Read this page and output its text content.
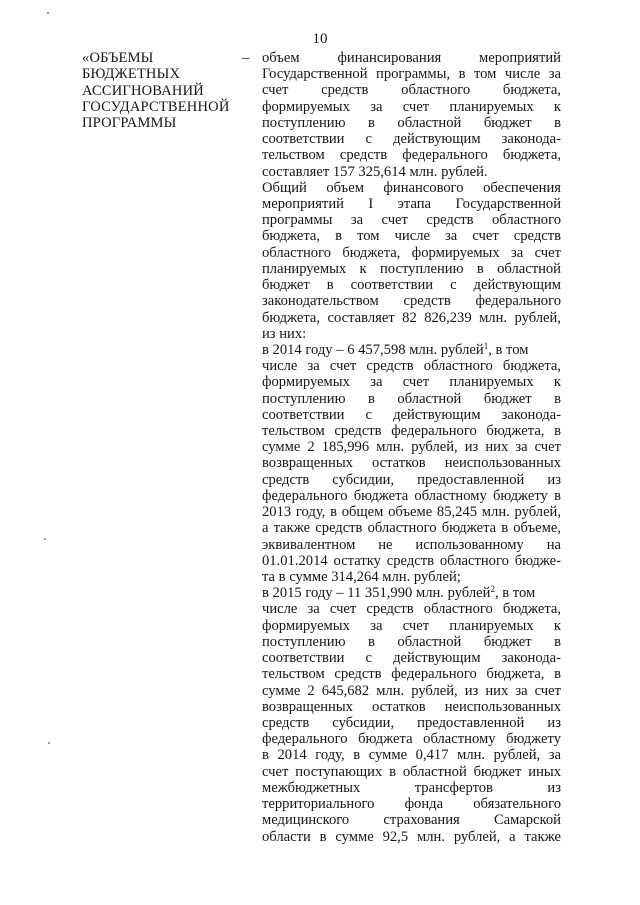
10
«ОБЪЕМЫ
БЮДЖЕТНЫХ
АССИГНОВАНИЙ
ГОСУДАРСТВЕННОЙ
ПРОГРАММЫ
– объем финансирования мероприятий
Государственной программы, в том числе за
счет средств областного бюджета,
формируемых за счет планируемых к
поступлению в областной бюджет в
соответствии с действующим законода-
тельством средств федерального бюджета,
составляет 157 325,614 млн. рублей.
Общий объем финансового обеспечения
мероприятий I этапа Государственной
программы за счет средств областного
бюджета, в том числе за счет средств
областного бюджета, формируемых за счет
планируемых к поступлению в областной
бюджет в соответствии с действующим
законодательством средств федерального
бюджета, составляет 82 826,239 млн. рублей,
из них:
в 2014 году – 6 457,598 млн. рублей$^1$, в том
числе за счет средств областного бюджета,
формируемых за счет планируемых к
поступлению в областной бюджет в
соответствии с действующим законода-
тельством средств федерального бюджета, в
сумме 2 185,996 млн. рублей, из них за счет
возвращенных остатков неиспользованных
средств субсидии, предоставленной из
федерального бюджета областному бюджету в
2013 году, в общем объеме 85,245 млн. рублей,
а также средств областного бюджета в объеме,
эквивалентном не использованному на
01.01.2014 остатку средств областного бюдже-
та в сумме 314,264 млн. рублей;
в 2015 году – 11 351,990 млн. рублей$^2$, в том
числе за счет средств областного бюджета,
формируемых за счет планируемых к
поступлению в областной бюджет в
соответствии с действующим законода-
тельством средств федерального бюджета, в
сумме 2 645,682 млн. рублей, из них за счет
возвращенных остатков неиспользованных
средств субсидии, предоставленной из
федерального бюджета областному бюджету
в 2014 году, в сумме 0,417 млн. рублей, за
счет поступающих в областной бюджет иных
межбюджетных трансфертов из
территориального фонда обязательного
медицинского страхования Самарской
области в сумме 92,5 млн. рублей, а также
